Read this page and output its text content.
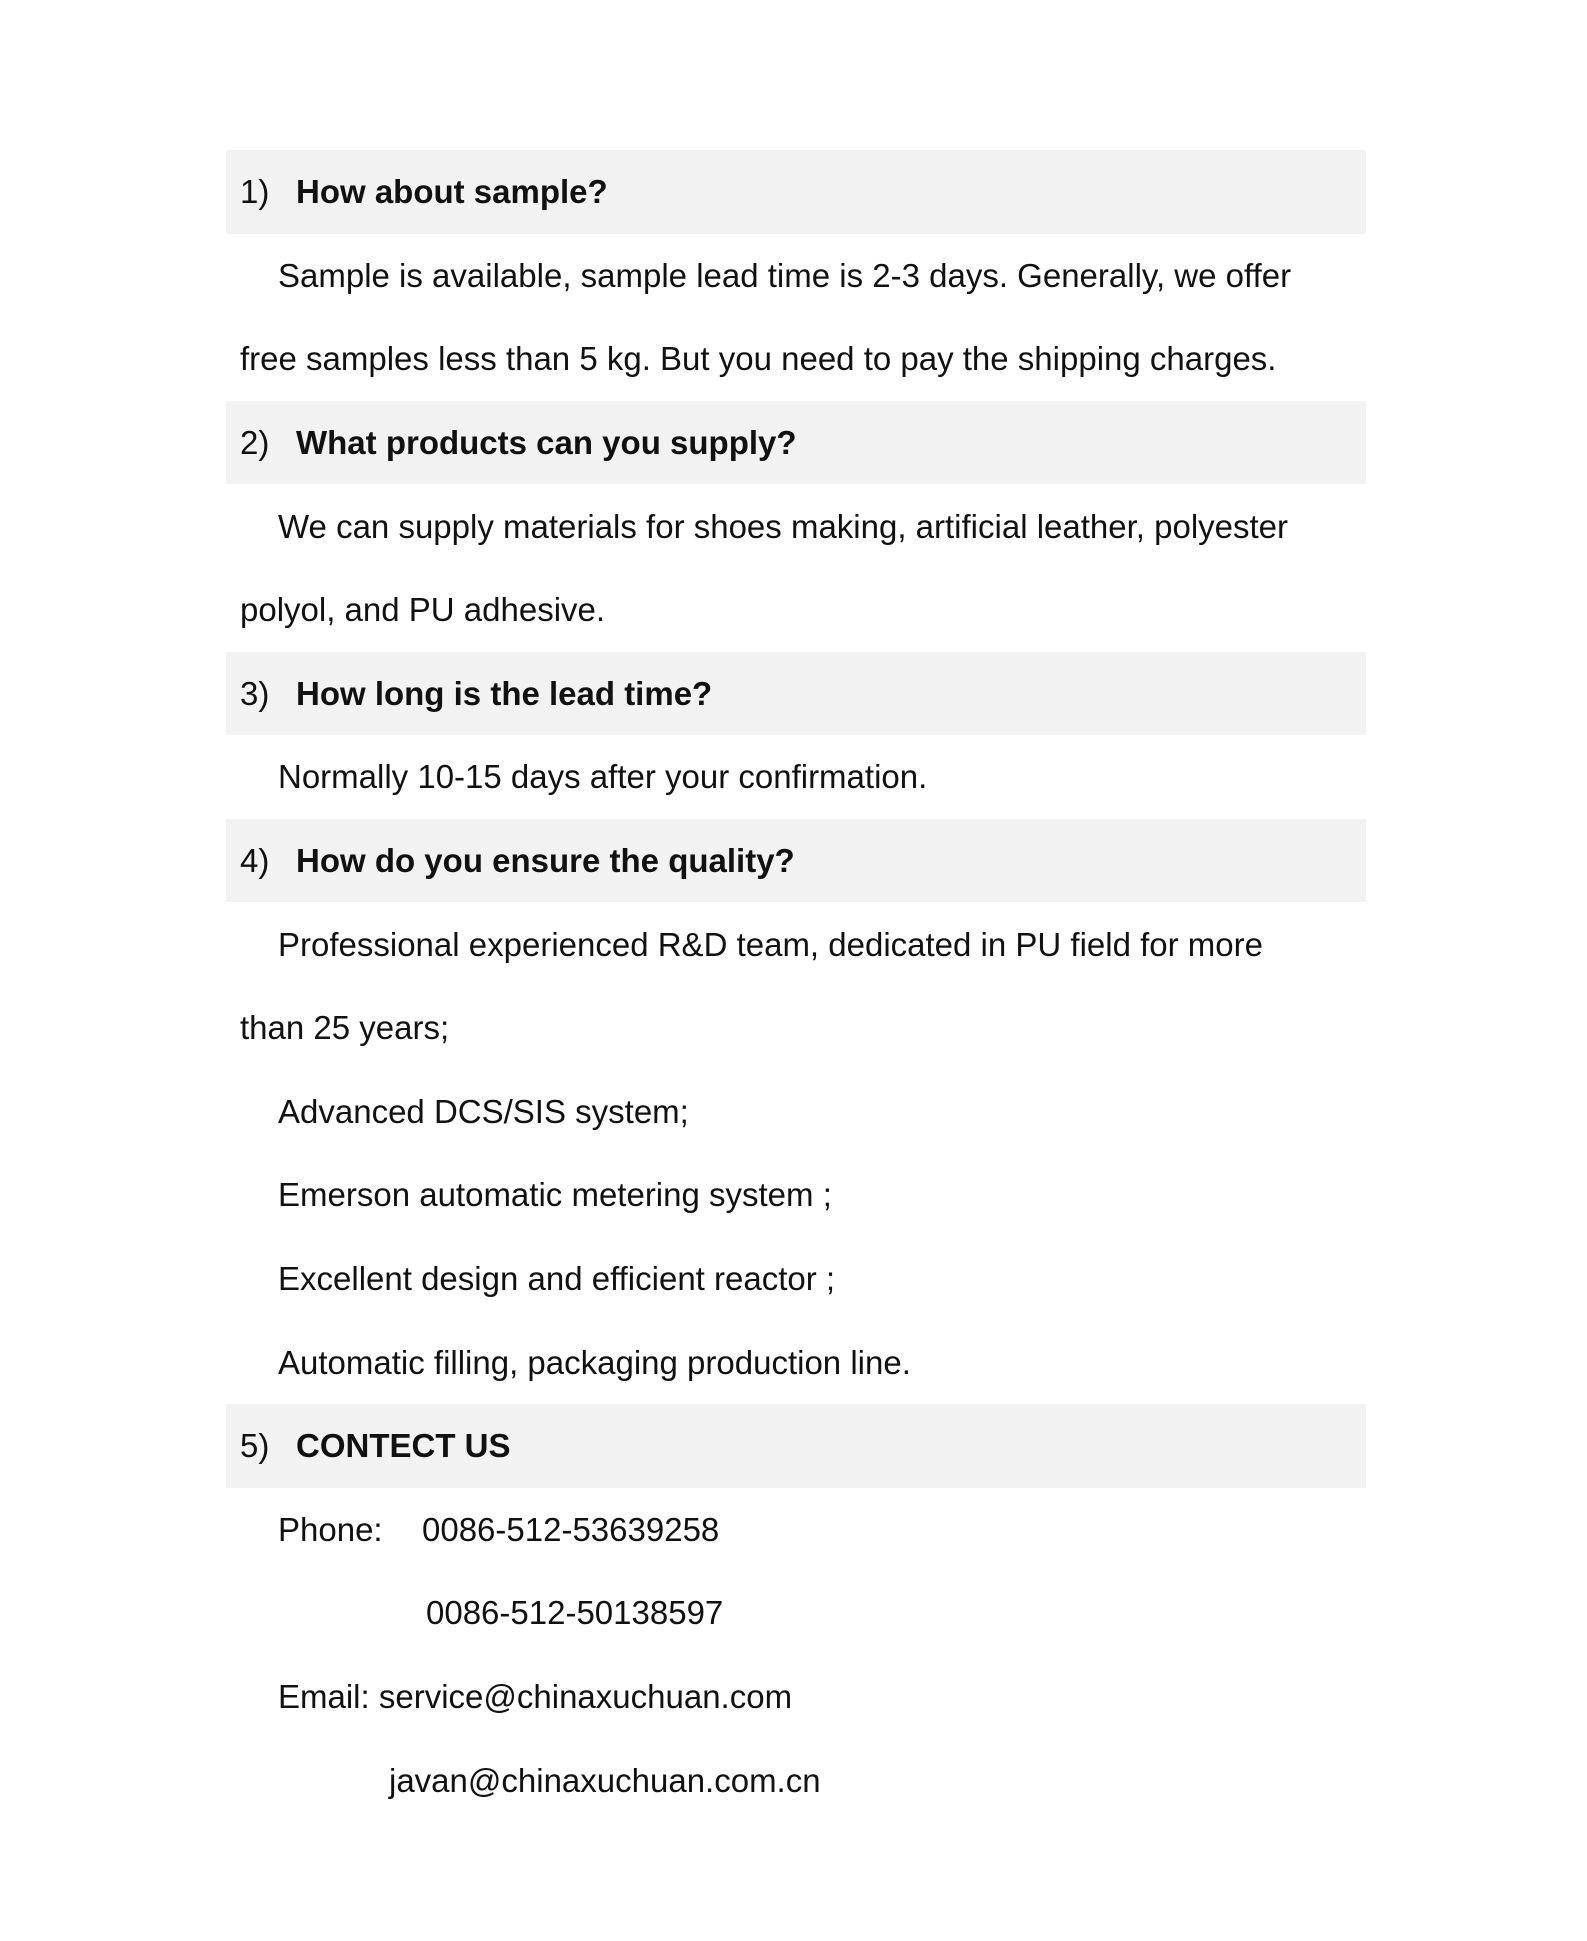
1) How about sample?
Sample is available, sample lead time is 2-3 days. Generally, we offer
free samples less than 5 kg. But you need to pay the shipping charges.
2) What products can you supply?
We can supply materials for shoes making, artificial leather, polyester
polyol, and PU adhesive.
3) How long is the lead time?
Normally 10-15 days after your confirmation.
4) How do you ensure the quality?
Professional experienced R&D team, dedicated in PU field for more
than 25 years;
Advanced DCS/SIS system;
Emerson automatic metering system ;
Excellent design and efficient reactor ;
Automatic filling, packaging production line.
5) CONTECT US
Phone:	0086-512-53639258
0086-512-50138597
Email:
service@chinaxuchuan.com
javan@chinaxuchuan.com.cn
